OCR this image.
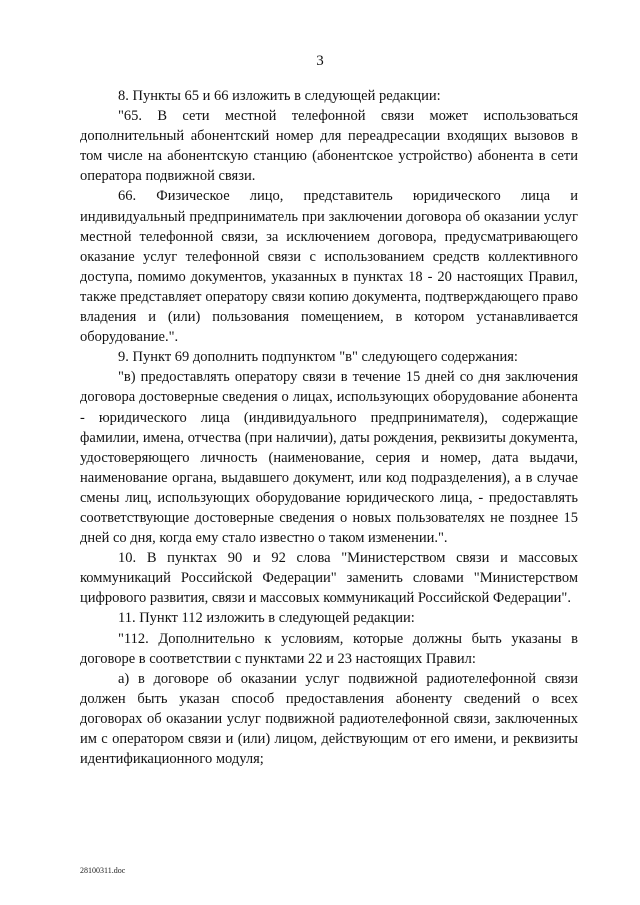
3

8. Пункты 65 и 66 изложить в следующей редакции:

"65. В сети местной телефонной связи может использоваться дополнительный абонентский номер для переадресации входящих вызовов в том числе на абонентскую станцию (абонентское устройство) абонента в сети оператора подвижной связи.

66. Физическое лицо, представитель юридического лица и индивидуальный предприниматель при заключении договора об оказании услуг местной телефонной связи, за исключением договора, предусматривающего оказание услуг телефонной связи с использованием средств коллективного доступа, помимо документов, указанных в пунктах 18 - 20 настоящих Правил, также представляет оператору связи копию документа, подтверждающего право владения и (или) пользования помещением, в котором устанавливается оборудование.".

9. Пункт 69 дополнить подпунктом "в" следующего содержания:

"в) предоставлять оператору связи в течение 15 дней со дня заключения договора достоверные сведения о лицах, использующих оборудование абонента - юридического лица (индивидуального предпринимателя), содержащие фамилии, имена, отчества (при наличии), даты рождения, реквизиты документа, удостоверяющего личность (наименование, серия и номер, дата выдачи, наименование органа, выдавшего документ, или код подразделения), а в случае смены лиц, использующих оборудование юридического лица, - предоставлять соответствующие достоверные сведения о новых пользователях не позднее 15 дней со дня, когда ему стало известно о таком изменении.".

10. В пунктах 90 и 92 слова "Министерством связи и массовых коммуникаций Российской Федерации" заменить словами "Министерством цифрового развития, связи и массовых коммуникаций Российской Федерации".

11. Пункт 112 изложить в следующей редакции:

"112. Дополнительно к условиям, которые должны быть указаны в договоре в соответствии с пунктами 22 и 23 настоящих Правил:

а) в договоре об оказании услуг подвижной радиотелефонной связи должен быть указан способ предоставления абоненту сведений о всех договорах об оказании услуг подвижной радиотелефонной связи, заключенных им с оператором связи и (или) лицом, действующим от его имени, и реквизиты идентификационного модуля;

28100311.doc
